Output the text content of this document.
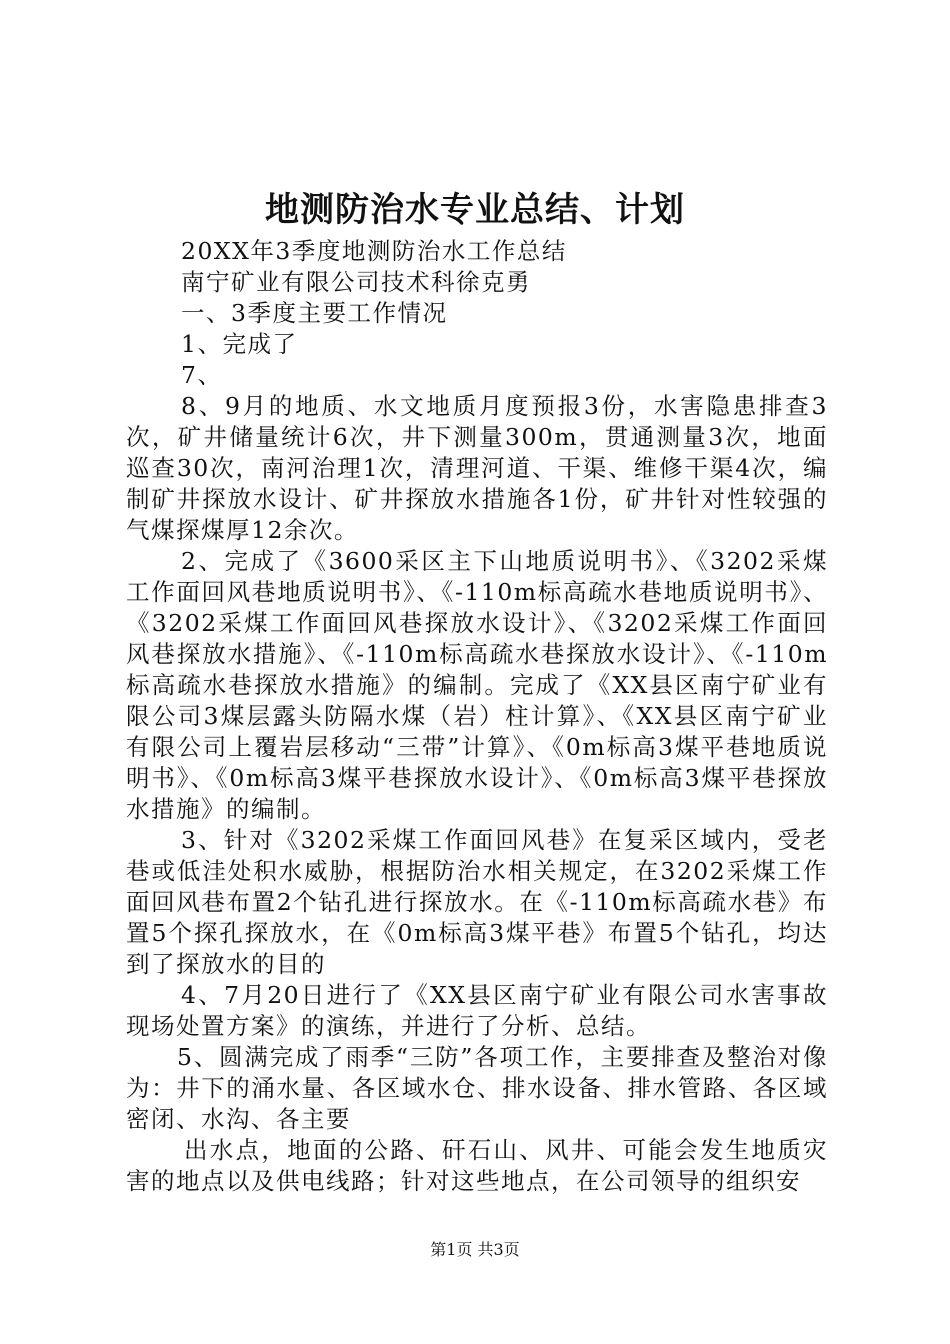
地测防治水专业总结、计划

20XX年3季度地测防治水工作总结

南宁矿业有限公司技术科徐克勇

一、3季度主要工作情况

1、完成了

7、

8、9月的地质、水文地质月度预报3份，水害隐患排查3次，矿井储量统计6次，井下测量300m，贯通测量3次，地面巡查30次，南河治理1次，清理河道、干渠、维修干渠4次，编制矿井探放水设计、矿井探放水措施各1份，矿井针对性较强的气煤探煤厚12余次。

2、完成了《3600采区主下山地质说明书》、《3202采煤工作面回风巷地质说明书》、《-110m标高疏水巷地质说明书》、《3202采煤工作面回风巷探放水设计》、《3202采煤工作面回风巷探放水措施》、《-110m标高疏水巷探放水设计》、《-110m标高疏水巷探放水措施》的编制。完成了《XX县区南宁矿业有限公司3煤层露头防隔水煤（岩）柱计算》、《XX县区南宁矿业有限公司上覆岩层移动“三带”计算》、《0m标高3煤平巷地质说明书》、《0m标高3煤平巷探放水设计》、《0m标高3煤平巷探放水措施》的编制。

3、针对《3202采煤工作面回风巷》在复采区域内，受老巷或低洼处积水威胁，根据防治水相关规定，在3202采煤工作面回风巷布置2个钻孔进行探放水。在《-110m标高疏水巷》布置5个探孔探放水，在《0m标高3煤平巷》布置5个钻孔，均达到了探放水的目的

4、7月20日进行了《XX县区南宁矿业有限公司水害事故现场处置方案》的演练，并进行了分析、总结。

5、圆满完成了雨季“三防”各项工作，主要排查及整治对像为：井下的涌水量、各区域水仓、排水设备、排水管路、各区域密闭、水沟、各主要

出水点，地面的公路、矸石山、风井、可能会发生地质灾害的地点以及供电线路；针对这些地点，在公司领导的组织安

第1页 共3页
